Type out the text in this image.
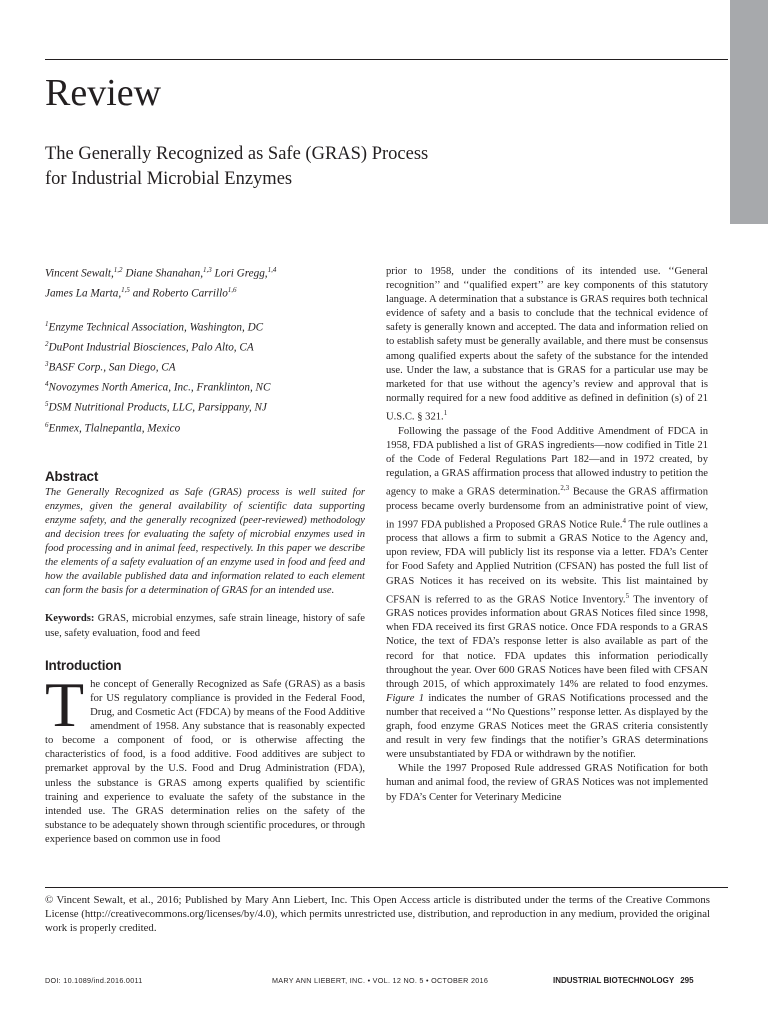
Review
The Generally Recognized as Safe (GRAS) Process
for Industrial Microbial Enzymes
Vincent Sewalt,$^{1,2}$ Diane Shanahan,$^{1,3}$ Lori Gregg,$^{1,4}$
James La Marta,$^{1,5}$ and Roberto Carrillo$^{1,6}$
$^1$Enzyme Technical Association, Washington, DC
$^2$DuPont Industrial Biosciences, Palo Alto, CA
$^3$BASF Corp., San Diego, CA
$^4$Novozymes North America, Inc., Franklinton, NC
$^5$DSM Nutritional Products, LLC, Parsippany, NJ
$^6$Enmex, Tlalnepantla, Mexico
Abstract
The Generally Recognized as Safe (GRAS) process is well suited for enzymes, given the general availability of scientific data supporting enzyme safety, and the generally recognized (peer-reviewed) methodology and decision trees for evaluating the safety of microbial enzymes used in food processing and in animal feed, respectively. In this paper we describe the elements of a safety evaluation of an enzyme used in food and feed and how the available published data and information related to each element can form the basis for a determination of GRAS for an intended use.
Keywords: GRAS, microbial enzymes, safe strain lineage, history of safe use, safety evaluation, food and feed
Introduction
The concept of Generally Recognized as Safe (GRAS) as a basis for US regulatory compliance is provided in the Federal Food, Drug, and Cosmetic Act (FDCA) by means of the Food Additive amendment of 1958. Any substance that is reasonably expected to become a component of food, or is otherwise affecting the characteristics of food, is a food additive. Food additives are subject to premarket approval by the U.S. Food and Drug Administration (FDA), unless the substance is GRAS among experts qualified by scientific training and experience to evaluate the safety of the substance in the intended use. The GRAS determination relies on the safety of the substance to be adequately shown through scientific procedures, or through experience based on common use in food

prior to 1958, under the conditions of its intended use. ‘‘General recognition’’ and ‘‘qualified expert’’ are key components of this statutory language. A determination that a substance is GRAS requires both technical evidence of safety and a basis to conclude that the technical evidence of safety is generally known and accepted. The data and information relied on to establish safety must be generally available, and there must be consensus among qualified experts about the safety of the substance for the intended use. Under the law, a substance that is GRAS for a particular use may be marketed for that use without the agency’s review and approval that is normally required for a new food additive as defined in definition (s) of 21 U.S.C. § 321.$^1$

Following the passage of the Food Additive Amendment of FDCA in 1958, FDA published a list of GRAS ingredients—now codified in Title 21 of the Code of Federal Regulations Part 182—and in 1972 created, by regulation, a GRAS affirmation process that allowed industry to petition the agency to make a GRAS determination.$^{2,3}$ Because the GRAS affirmation process became overly burdensome from an administrative point of view, in 1997 FDA published a Proposed GRAS Notice Rule.$^4$ The rule outlines a process that allows a firm to submit a GRAS Notice to the Agency and, upon review, FDA will publicly list its response via a letter. FDA’s Center for Food Safety and Applied Nutrition (CFSAN) has posted the full list of GRAS Notices it has received on its website. This list maintained by CFSAN is referred to as the GRAS Notice Inventory.$^5$ The inventory of GRAS notices provides information about GRAS Notices filed since 1998, when FDA received its first GRAS notice. Once FDA responds to a GRAS Notice, the text of FDA’s response letter is also available as part of the record for that notice. FDA updates this information periodically throughout the year. Over 600 GRAS Notices have been filed with CFSAN through 2015, of which approximately 14% are related to food enzymes. Figure 1 indicates the number of GRAS Notifications processed and the number that received a ‘‘No Questions’’ response letter. As displayed by the graph, food enzyme GRAS Notices meet the GRAS criteria consistently and result in very few findings that the notifier’s GRAS determinations were unsubstantiated by FDA or withdrawn by the notifier.

While the 1997 Proposed Rule addressed GRAS Notification for both human and animal food, the review of GRAS Notices was not implemented by FDA’s Center for Veterinary Medicine

© Vincent Sewalt, et al., 2016; Published by Mary Ann Liebert, Inc. This Open Access article is distributed under the terms of the Creative Commons License (http://creativecommons.org/licenses/by/4.0), which permits unrestricted use, distribution, and reproduction in any medium, provided the original work is properly credited.
DOI: 10.1089/ind.2016.0011	MARY ANN LIEBERT, INC. • VOL. 12 NO. 5 • OCTOBER 2016	INDUSTRIAL BIOTECHNOLOGY 295
